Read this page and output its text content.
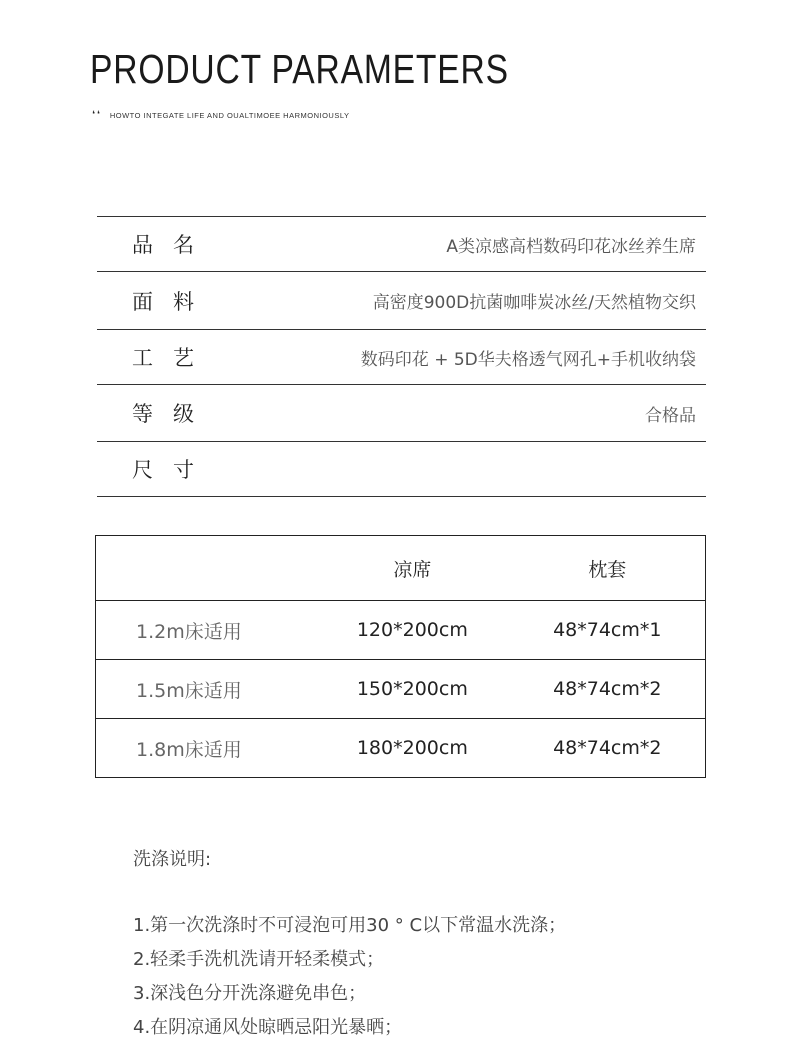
PRODUCT PARAMETERS
❛❛ HOWTO INTEGATE LIFE AND OUALTIMOEE HARMONIOUSLY
品名	A类凉感高档数码印花冰丝养生席
面料	高密度900D抗菌咖啡炭冰丝/天然植物交织
工艺	数码印花 + 5D华夫格透气网孔+手机收纳袋
等级	合格品
尺寸
	凉席	枕套
1.2m床适用	120*200cm	48*74cm*1
1.5m床适用	150*200cm	48*74cm*2
1.8m床适用	180*200cm	48*74cm*2
洗涤说明:
1.第一次洗涤时不可浸泡可用30 ° C以下常温水洗涤；
2.轻柔手洗机洗请开轻柔模式；
3.深浅色分开洗涤避免串色；
4.在阴凉通风处晾晒忌阳光暴晒；
